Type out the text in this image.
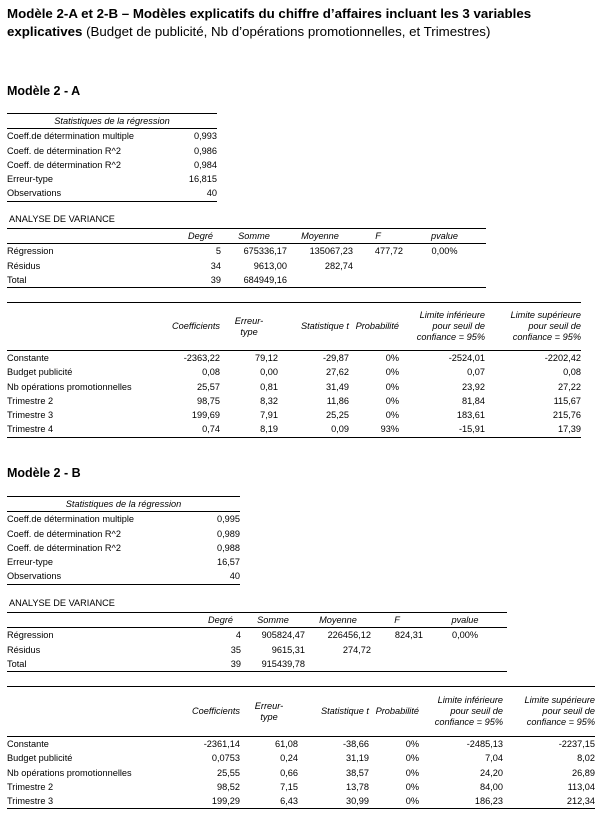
Modèle 2-A et 2-B – Modèles explicatifs du chiffre d’affaires incluant les 3 variables explicatives (Budget de publicité, Nb d’opérations promotionnelles, et Trimestres)
Modèle 2 - A
Statistiques de la régression	
Coeff.de détermination multiple	0,993
Coeff. de détermination R^2	0,986
Coeff. de détermination R^2	0,984
Erreur-type	16,815
Observations	40
ANALYSE DE VARIANCE
	Degré	Somme	Moyenne	F	pvalue
Régression	5	675336,17	135067,23	477,72	0,00%
Résidus	34	9613,00	282,74		
Total	39	684949,16			
	Coefficients	Erreur-type	Statistique t	Probabilité	Limite inférieure pour seuil de confiance = 95%	Limite supérieure pour seuil de confiance = 95%
Constante	-2363,22	79,12	-29,87	0%	-2524,01	-2202,42
Budget publicité	0,08	0,00	27,62	0%	0,07	0,08
Nb opérations promotionnelles	25,57	0,81	31,49	0%	23,92	27,22
Trimestre 2	98,75	8,32	11,86	0%	81,84	115,67
Trimestre 3	199,69	7,91	25,25	0%	183,61	215,76
Trimestre 4	0,74	8,19	0,09	93%	-15,91	17,39
Modèle 2 - B
Statistiques de la régression	
Coeff.de détermination multiple	0,995
Coeff. de détermination R^2	0,989
Coeff. de détermination R^2	0,988
Erreur-type	16,57
Observations	40
ANALYSE DE VARIANCE
	Degré	Somme	Moyenne	F	pvalue
Régression	4	905824,47	226456,12	824,31	0,00%
Résidus	35	9615,31	274,72		
Total	39	915439,78			
	Coefficients	Erreur-type	Statistique t	Probabilité	Limite inférieure pour seuil de confiance = 95%	Limite supérieure pour seuil de confiance = 95%
Constante	-2361,14	61,08	-38,66	0%	-2485,13	-2237,15
Budget publicité	0,0753	0,24	31,19	0%	7,04	8,02
Nb opérations promotionnelles	25,55	0,66	38,57	0%	24,20	26,89
Trimestre 2	98,52	7,15	13,78	0%	84,00	113,04
Trimestre 3	199,29	6,43	30,99	0%	186,23	212,34
